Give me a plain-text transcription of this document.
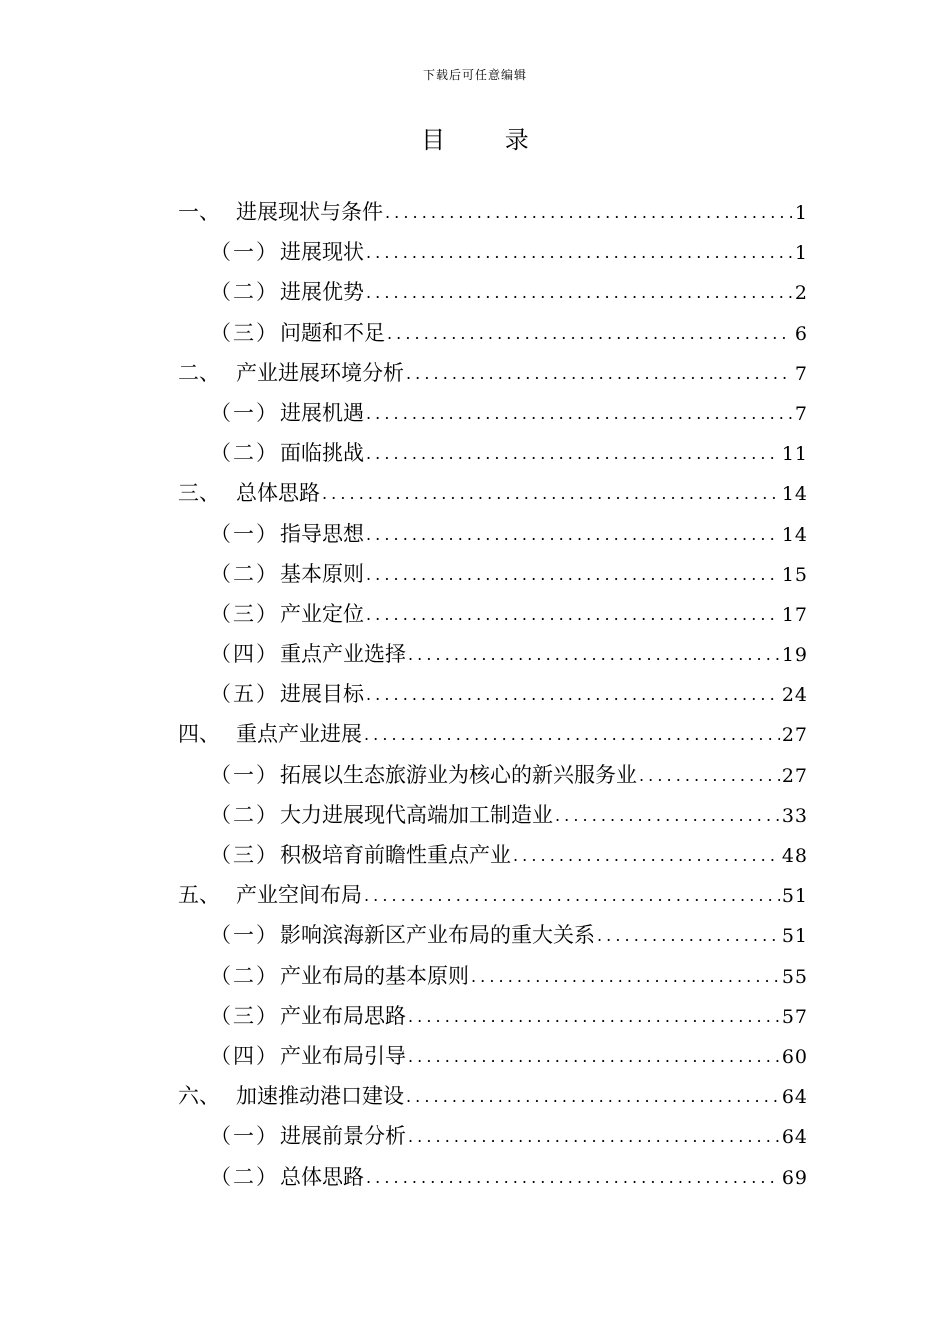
下载后可任意编辑
目 录
一、 进展现状与条件 . . .	1
（一） 进展现状 . . .	1
（二） 进展优势 . . .	2
（三） 问题和不足 . . .	6
二、 产业进展环境分析 . . .	7
（一） 进展机遇 . . .	7
（二） 面临挑战 . . .	11
三、 总体思路 . . .	14
（一） 指导思想 . . .	14
（二） 基本原则 . . .	15
（三） 产业定位 . . .	17
（四） 重点产业选择 . . .	19
（五） 进展目标 . . .	24
四、 重点产业进展 . . .	27
（一） 拓展以生态旅游业为核心的新兴服务业 . . .	27
（二） 大力进展现代高端加工制造业 . . .	33
（三） 积极培育前瞻性重点产业 . . .	48
五、 产业空间布局 . . .	51
（一） 影响滨海新区产业布局的重大关系 . . .	51
（二） 产业布局的基本原则 . . .	55
（三） 产业布局思路 . . .	57
（四） 产业布局引导 . . .	60
六、 加速推动港口建设 . . .	64
（一） 进展前景分析 . . .	64
（二） 总体思路 . . .	69
